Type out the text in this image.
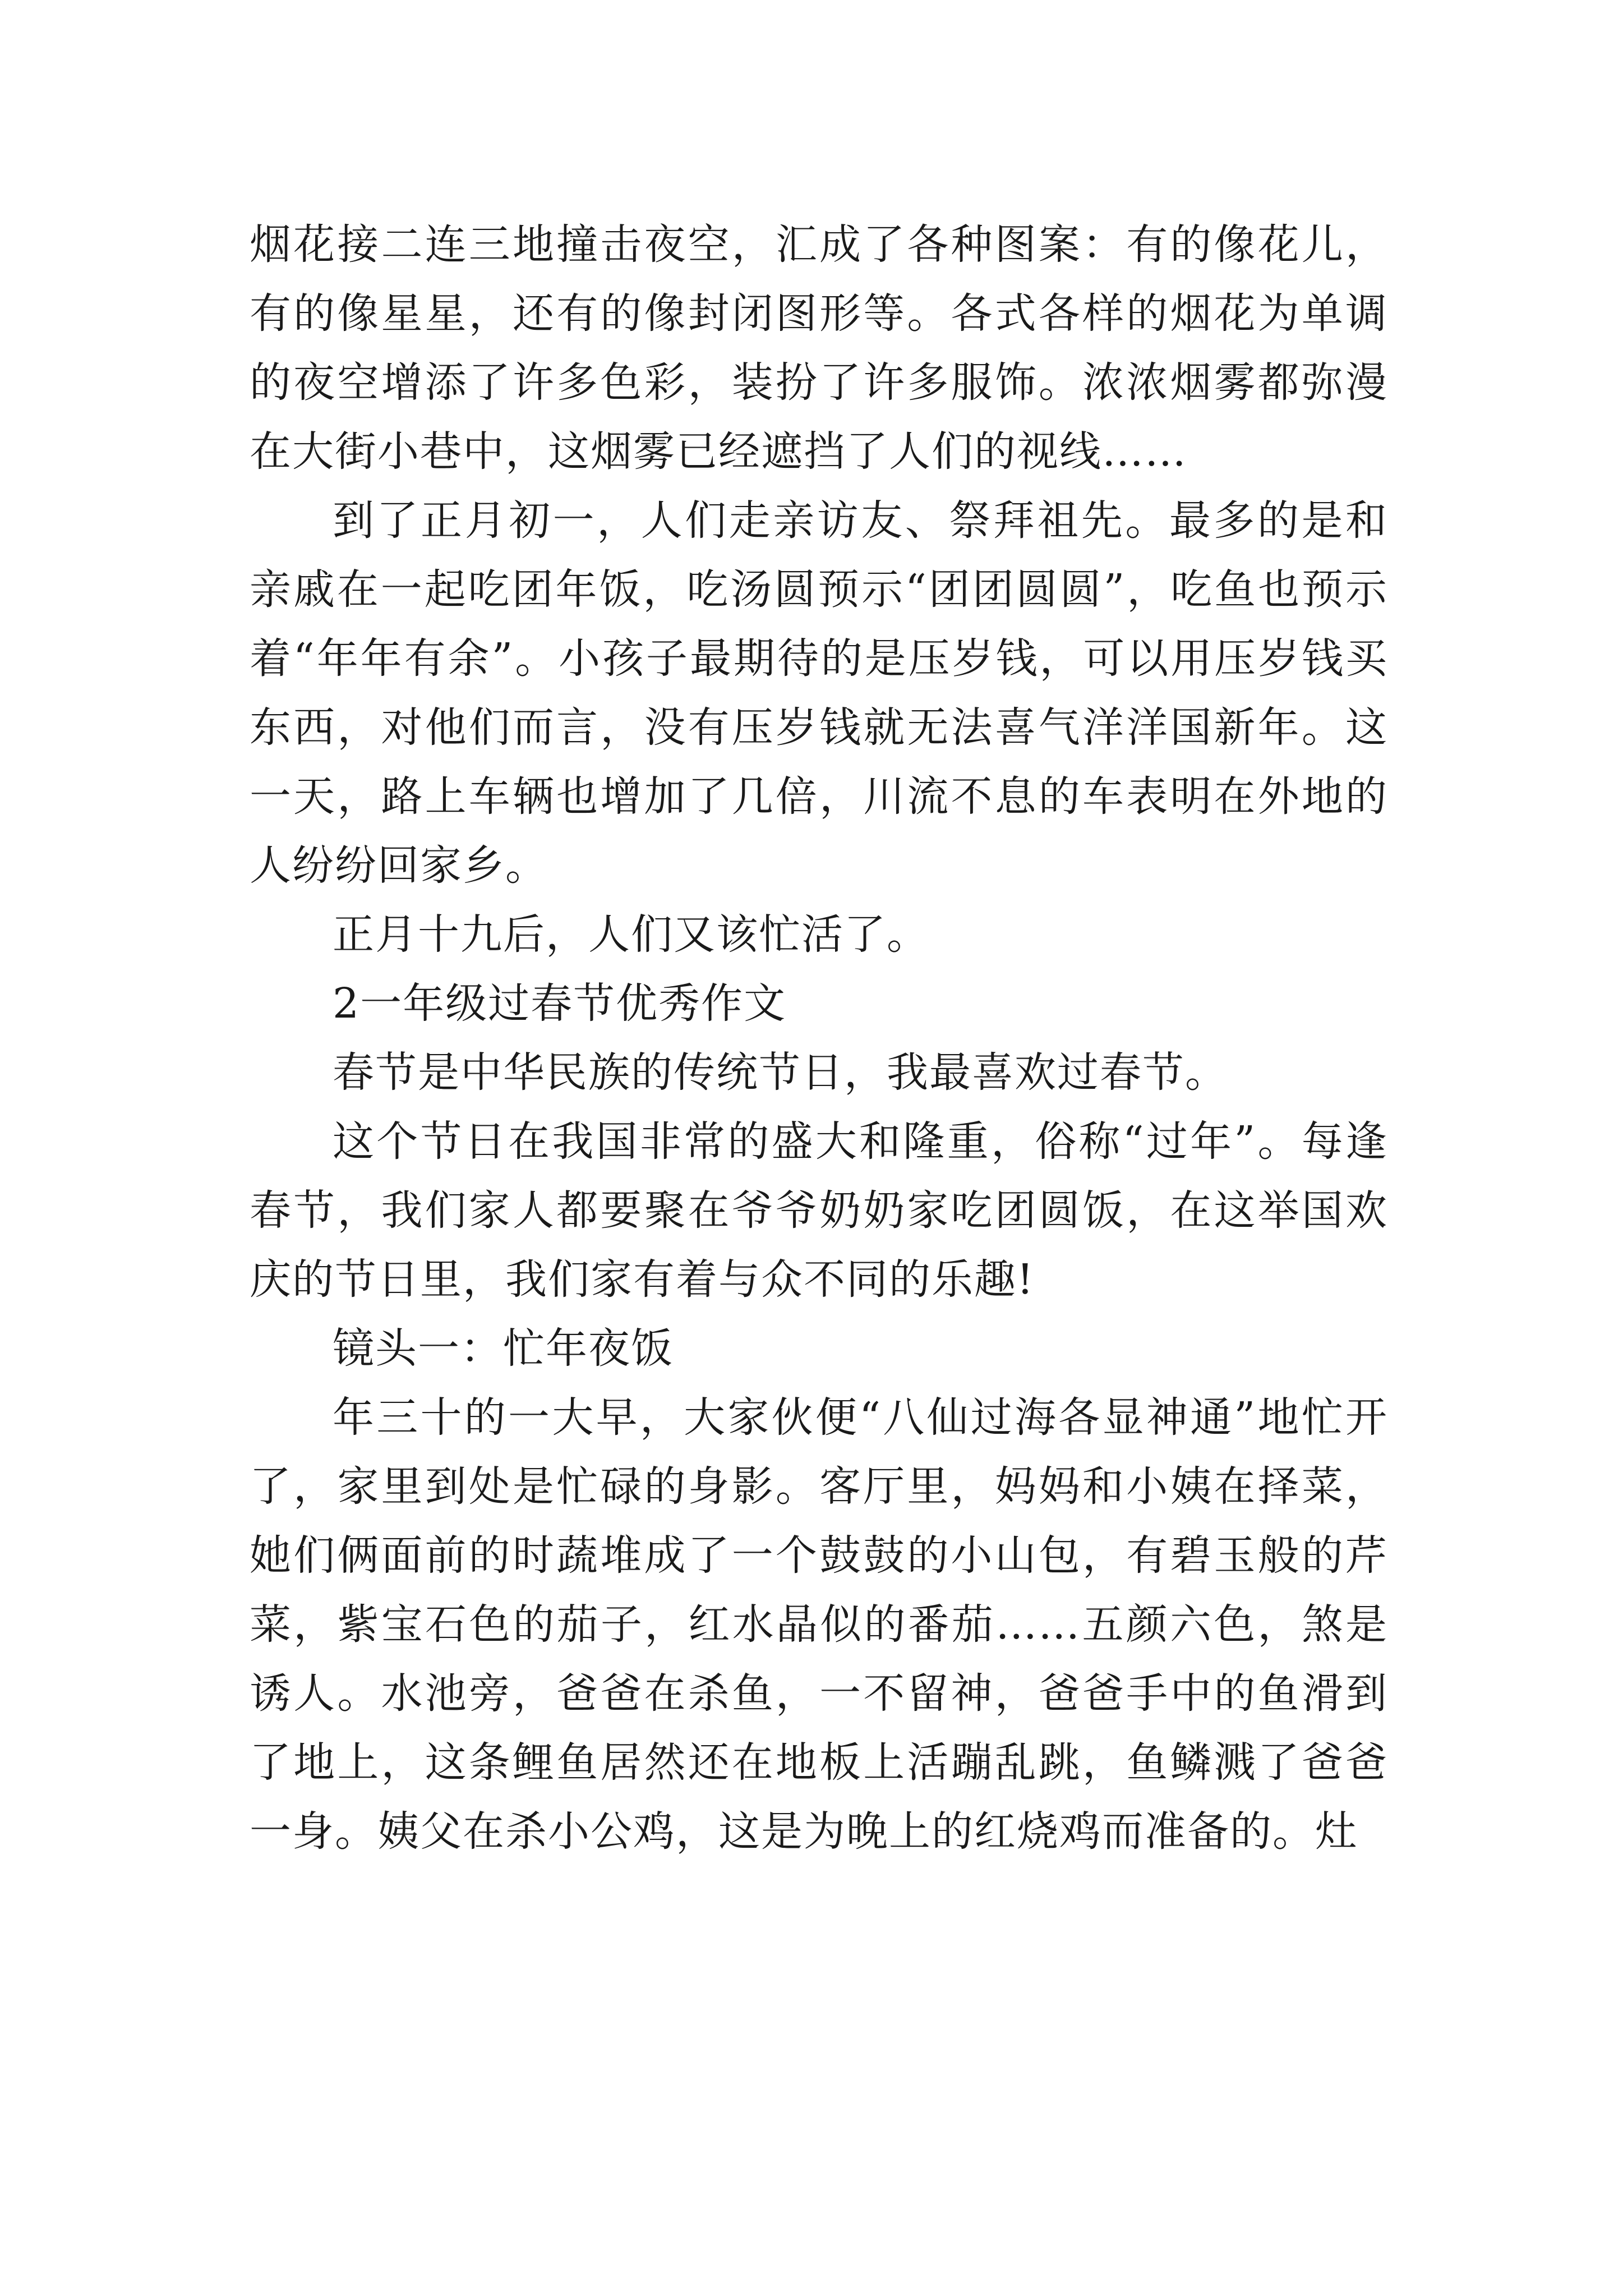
烟花接二连三地撞击夜空，汇成了各种图案：有的像花儿，有的像星星，还有的像封闭图形等。各式各样的烟花为单调的夜空增添了许多色彩，装扮了许多服饰。浓浓烟雾都弥漫在大街小巷中，这烟雾已经遮挡了人们的视线……

到了正月初一，人们走亲访友、祭拜祖先。最多的是和亲戚在一起吃团年饭，吃汤圆预示“团团圆圆”，吃鱼也预示着“年年有余”。小孩子最期待的是压岁钱，可以用压岁钱买东西，对他们而言，没有压岁钱就无法喜气洋洋国新年。这一天，路上车辆也增加了几倍，川流不息的车表明在外地的人纷纷回家乡。

正月十九后，人们又该忙活了。

2一年级过春节优秀作文

春节是中华民族的传统节日，我最喜欢过春节。

这个节日在我国非常的盛大和隆重，俗称“过年”。每逢春节，我们家人都要聚在爷爷奶奶家吃团圆饭，在这举国欢庆的节日里，我们家有着与众不同的乐趣!

镜头一：忙年夜饭

年三十的一大早，大家伙便“八仙过海各显神通”地忙开了，家里到处是忙碌的身影。客厅里，妈妈和小姨在择菜，她们俩面前的时蔬堆成了一个鼓鼓的小山包，有碧玉般的芹菜，紫宝石色的茄子，红水晶似的番茄……五颜六色，煞是诱人。水池旁，爸爸在杀鱼，一不留神，爸爸手中的鱼滑到了地上，这条鲤鱼居然还在地板上活蹦乱跳，鱼鳞溅了爸爸一身。姨父在杀小公鸡，这是为晚上的红烧鸡而准备的。灶
